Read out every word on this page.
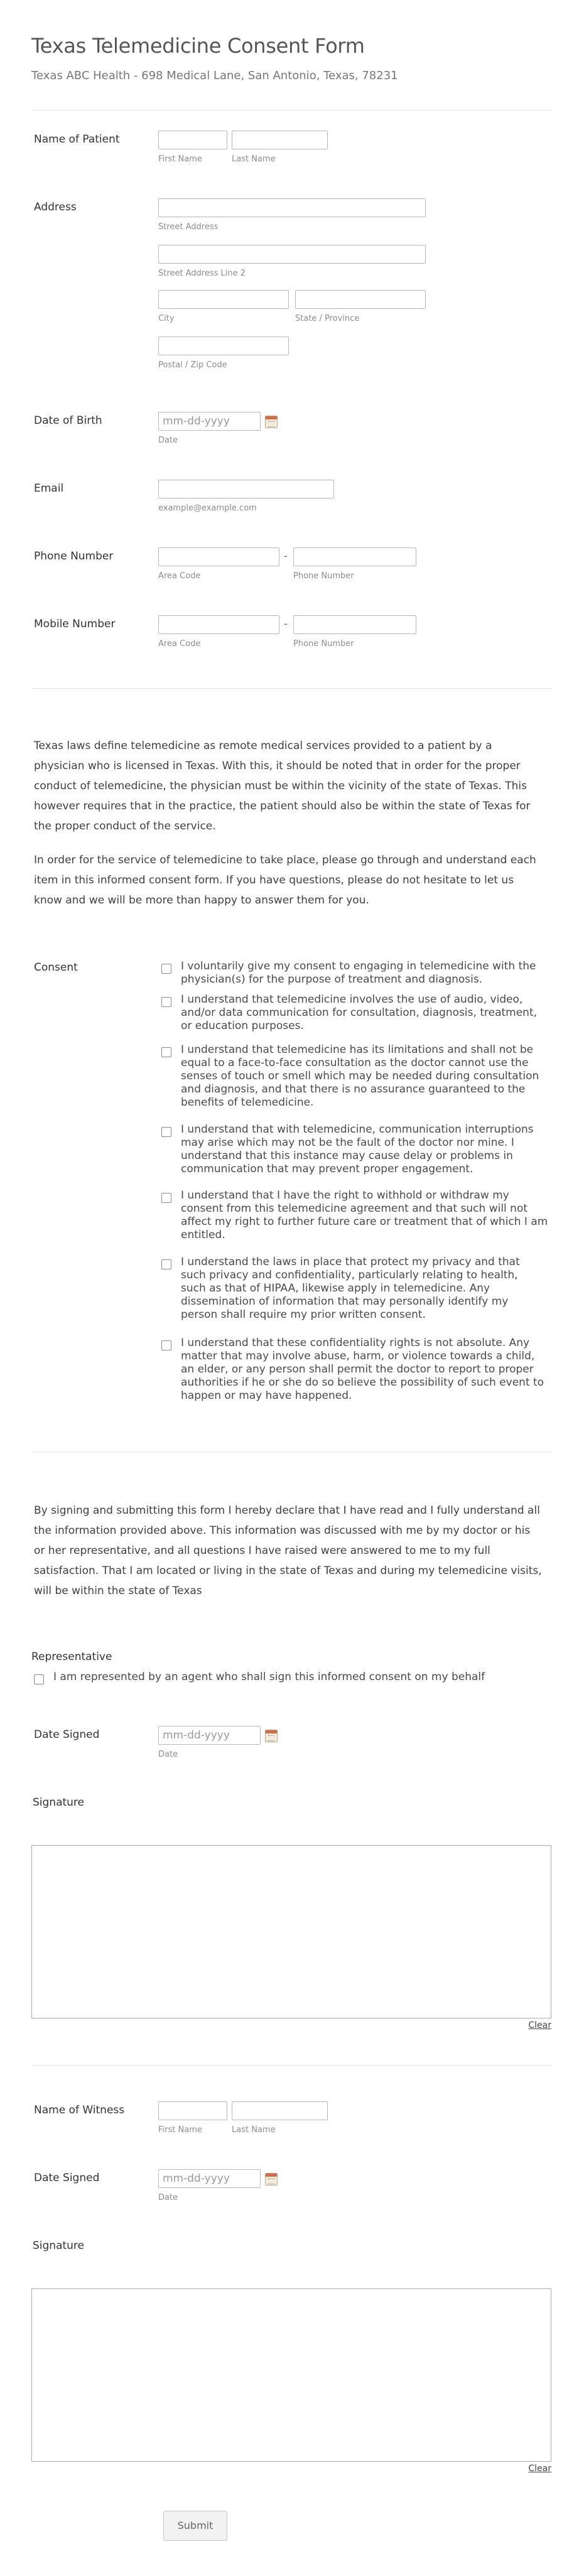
Texas Telemedicine Consent Form
Texas ABC Health - 698 Medical Lane, San Antonio, Texas, 78231
Name of Patient
First Name	Last Name
Address
Street Address
Street Address Line 2
City	State / Province
Postal / Zip Code
Date of Birth	mm-dd-yyyy
Date
Email
example@example.com
Phone Number	-
Area Code	Phone Number
Mobile Number	-
Area Code	Phone Number
Texas laws define telemedicine as remote medical services provided to a patient by a physician who is licensed in Texas. With this, it should be noted that in order for the proper conduct of telemedicine, the physician must be within the vicinity of the state of Texas. This however requires that in the practice, the patient should also be within the state of Texas for the proper conduct of the service.
In order for the service of telemedicine to take place, please go through and understand each item in this informed consent form. If you have questions, please do not hesitate to let us know and we will be more than happy to answer them for you.
Consent	I voluntarily give my consent to engaging in telemedicine with the physician(s) for the purpose of treatment and diagnosis.
I understand that telemedicine involves the use of audio, video, and/or data communication for consultation, diagnosis, treatment, or education purposes.
I understand that telemedicine has its limitations and shall not be equal to a face-to-face consultation as the doctor cannot use the senses of touch or smell which may be needed during consultation and diagnosis, and that there is no assurance guaranteed to the benefits of telemedicine.
I understand that with telemedicine, communication interruptions may arise which may not be the fault of the doctor nor mine. I understand that this instance may cause delay or problems in communication that may prevent proper engagement.
I understand that I have the right to withhold or withdraw my consent from this telemedicine agreement and that such will not affect my right to further future care or treatment that of which I am entitled.
I understand the laws in place that protect my privacy and that such privacy and confidentiality, particularly relating to health, such as that of HIPAA, likewise apply in telemedicine. Any dissemination of information that may personally identify my person shall require my prior written consent.
I understand that these confidentiality rights is not absolute. Any matter that may involve abuse, harm, or violence towards a child, an elder, or any person shall permit the doctor to report to proper authorities if he or she do so believe the possibility of such event to happen or may have happened.
By signing and submitting this form I hereby declare that I have read and I fully understand all the information provided above. This information was discussed with me by my doctor or his or her representative, and all questions I have raised were answered to me to my full satisfaction. That I am located or living in the state of Texas and during my telemedicine visits, will be within the state of Texas
Representative
I am represented by an agent who shall sign this informed consent on my behalf
Date Signed	mm-dd-yyyy
Date
Signature
Clear
Name of Witness
First Name	Last Name
Date Signed	mm-dd-yyyy
Date
Signature
Clear
Submit
